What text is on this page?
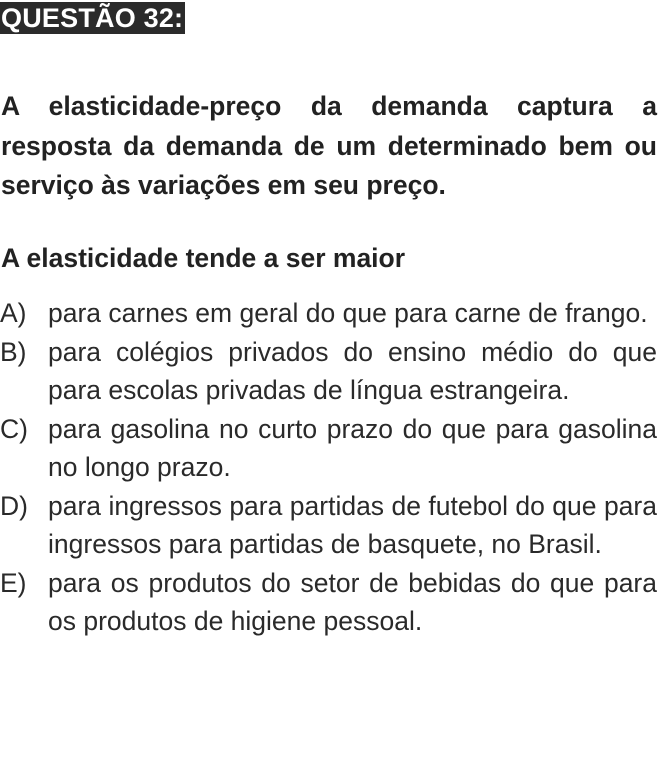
QUESTÃO 32:

A elasticidade-preço da demanda captura a resposta da demanda de um determinado bem ou serviço às variações em seu preço.

A elasticidade tende a ser maior

A) para carnes em geral do que para carne de frango.
B) para colégios privados do ensino médio do que para escolas privadas de língua estrangeira.
C) para gasolina no curto prazo do que para gasolina no longo prazo.
D) para ingressos para partidas de futebol do que para ingressos para partidas de basquete, no Brasil.
E) para os produtos do setor de bebidas do que para os produtos de higiene pessoal.
